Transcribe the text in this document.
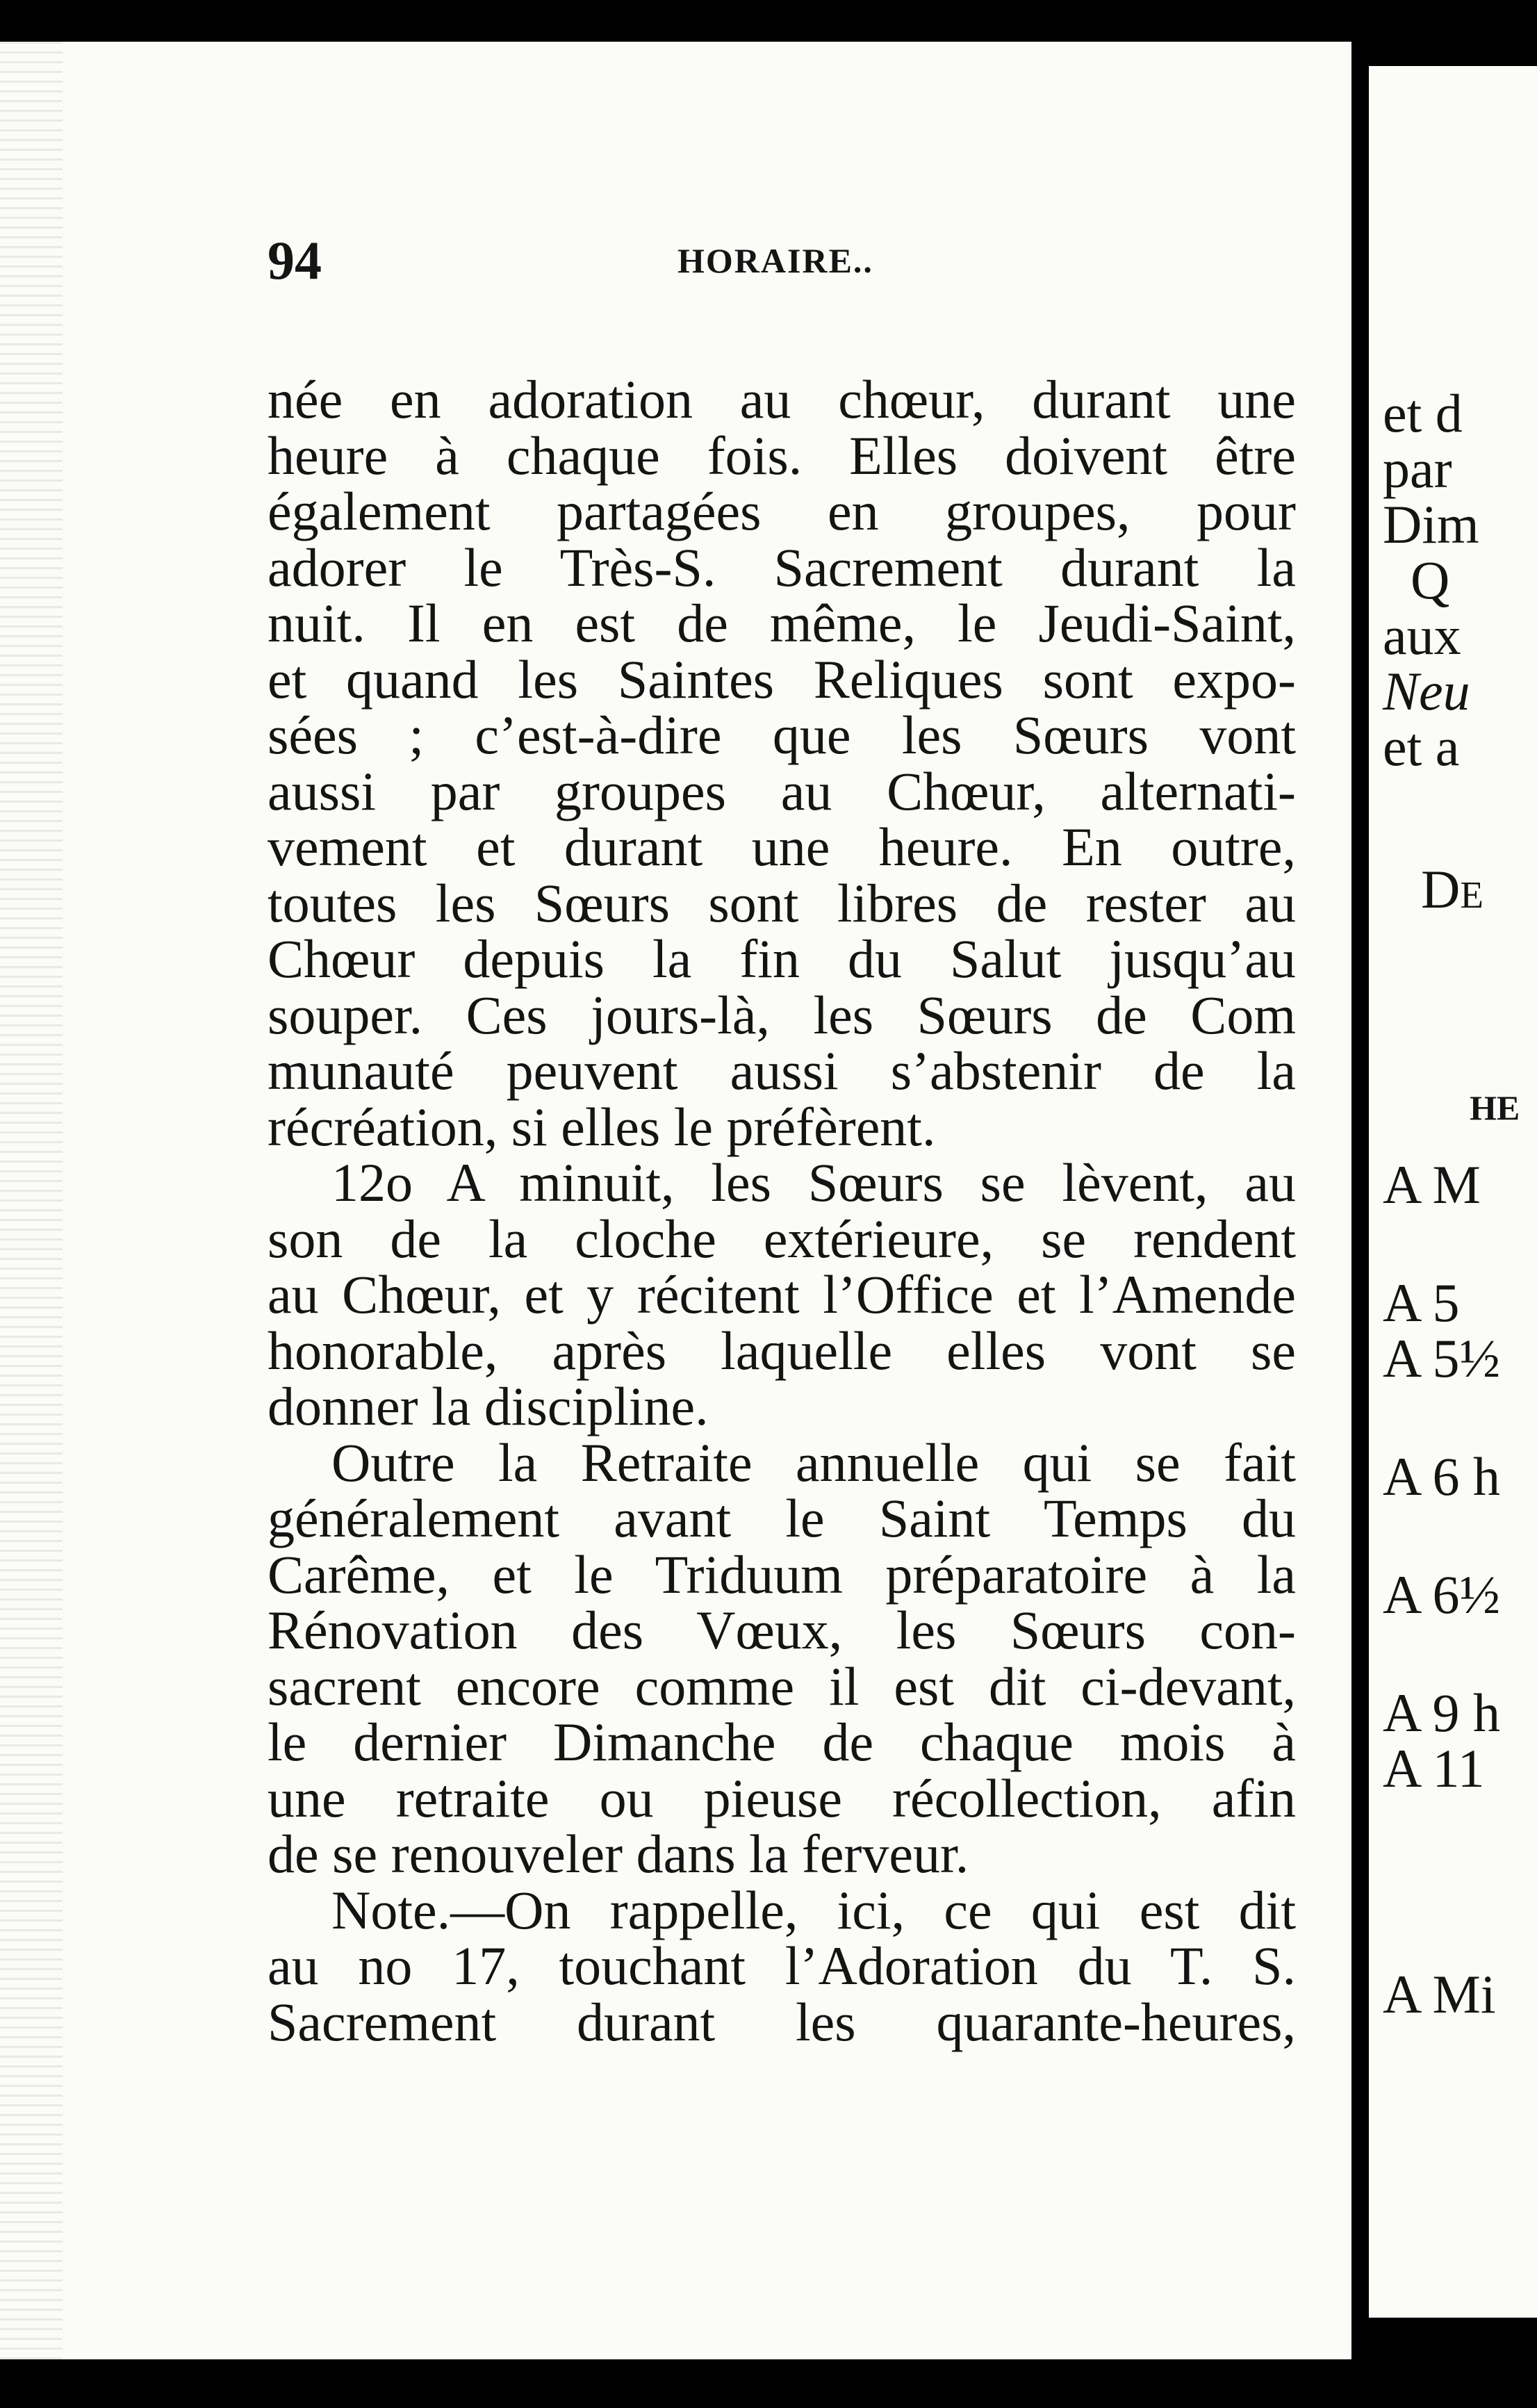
et d
par
Dim
Q
aux
Neu
et a
De
HE
A M
A 5
A 5½
A 6 h
A 6½
A 9 h
A 11
A Mi
94	HORAIRE..
née en adoration au chœur, durant une
heure à chaque fois. Elles doivent être
également partagées en groupes, pour
adorer le Très-S. Sacrement durant la
nuit. Il en est de même, le Jeudi-Saint,
et quand les Saintes Reliques sont expo-
sées ; c’est-à-dire que les Sœurs vont
aussi par groupes au Chœur, alternati-
vement et durant une heure. En outre,
toutes les Sœurs sont libres de rester au
Chœur depuis la fin du Salut jusqu’au
souper. Ces jours-là, les Sœurs de Com
munauté peuvent aussi s’abstenir de la
récréation, si elles le préfèrent.
12o A minuit, les Sœurs se lèvent, au
son de la cloche extérieure, se rendent
au Chœur, et y récitent l’Office et l’Amende
honorable, après laquelle elles vont se
donner la discipline.
Outre la Retraite annuelle qui se fait
généralement avant le Saint Temps du
Carême, et le Triduum préparatoire à la
Rénovation des Vœux, les Sœurs con-
sacrent encore comme il est dit ci-devant,
le dernier Dimanche de chaque mois à
une retraite ou pieuse récollection, afin
de se renouveler dans la ferveur.
Note.—On rappelle, ici, ce qui est dit
au no 17, touchant l’Adoration du T. S.
Sacrement durant les quarante-heures,
